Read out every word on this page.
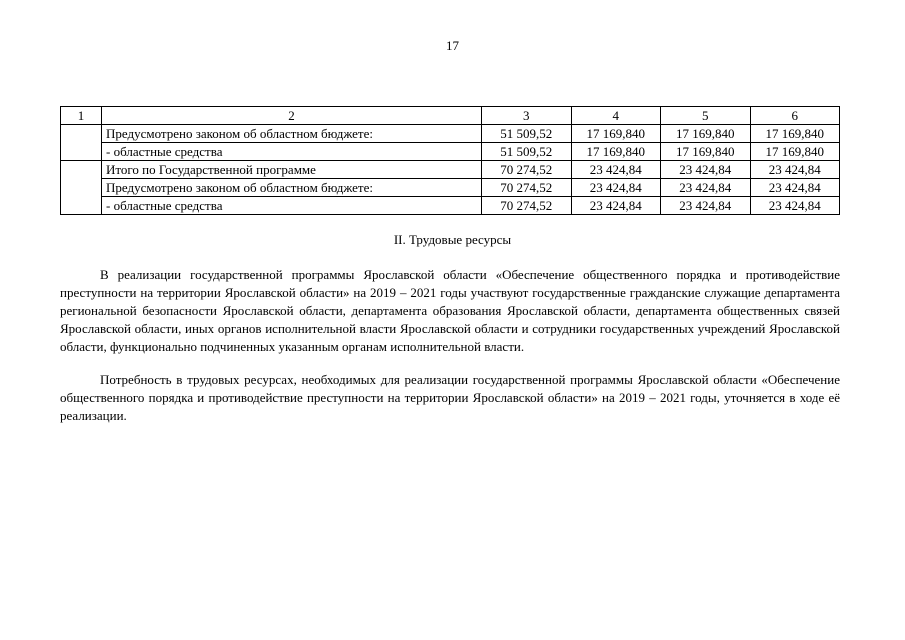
17
1	2	3	4	5	6
	Предусмотрено законом об областном бюджете:	51 509,52	17 169,840	17 169,840	17 169,840
	- областные средства	51 509,52	17 169,840	17 169,840	17 169,840
	Итого по Государственной программе	70 274,52	23 424,84	23 424,84	23 424,84
	Предусмотрено законом об областном бюджете:	70 274,52	23 424,84	23 424,84	23 424,84
	- областные средства	70 274,52	23 424,84	23 424,84	23 424,84
II. Трудовые ресурсы

В реализации государственной программы Ярославской области «Обеспечение общественного порядка и противодействие преступности на территории Ярославской области» на 2019 – 2021 годы участвуют государственные гражданские служащие департамента региональной безопасности Ярославской области, департамента образования Ярославской области, департамента общественных связей Ярославской области, иных органов исполнительной власти Ярославской области и сотрудники государственных учреждений Ярославской области, функционально подчиненных указанным органам исполнительной власти.

Потребность в трудовых ресурсах, необходимых для реализации государственной программы Ярославской области «Обеспечение общественного порядка и противодействие преступности на территории Ярославской области» на 2019 – 2021 годы, уточняется в ходе её реализации.
